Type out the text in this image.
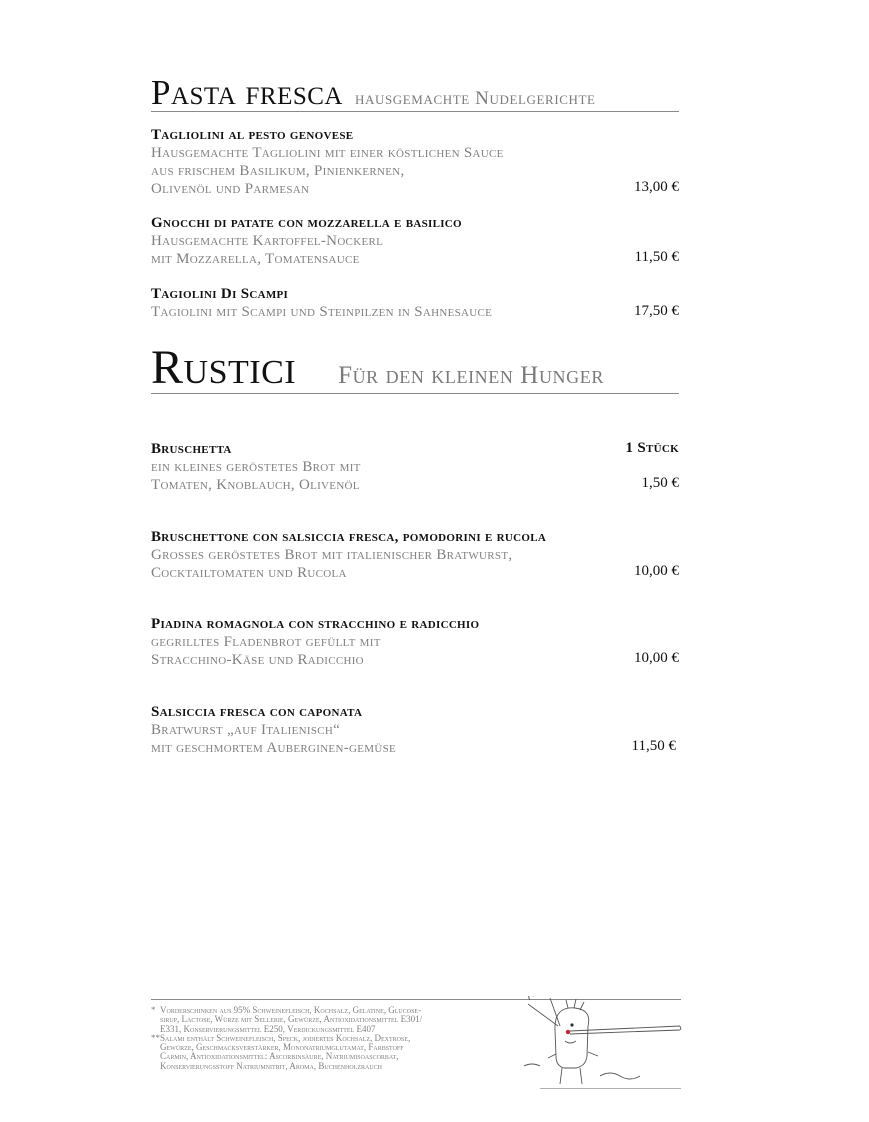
Pasta fresca hausgemachte Nudelgerichte
Tagliolini al pesto genovese
Hausgemachte Tagliolini mit einer köstlichen Sauce
aus frischem Basilikum, Pinienkernen,
Olivenöl und Parmesan	13,00 €
Gnocchi di patate con mozzarella e basilico
Hausgemachte Kartoffel-Nockerl
mit Mozzarella, Tomatensauce	11,50 €
Tagiolini Di Scampi
Tagiolini mit Scampi und Steinpilzen in Sahnesauce	17,50 €
Rustici Für den kleinen Hunger
Bruschetta	1 Stück
ein kleines geröstetes Brot mit
Tomaten, Knoblauch, Olivenöl	1,50 €
Bruschettone con salsiccia fresca, pomodorini e rucola
Grosses geröstetes Brot mit italienischer Bratwurst,
Cocktailtomaten und Rucola	10,00 €
Piadina romagnola con stracchino e radicchio
gegrilltes Fladenbrot gefüllt mit
Stracchino-Käse und Radicchio	10,00 €
Salsiccia fresca con caponata
Bratwurst „auf Italienisch“
mit geschmortem Auberginen-gemüse	11,50 €
* Vorderschinken aus 95% Schweinefleisch, Kochsalz, Gelatine, Glucose-
sirup, Lactose, Würze mit Sellerie, Gewürze, Antioxidationsmittel E301/
E331, Konservierungsmittel E250, Verdickungsmittel E407
** Salami enthält Schweinefleisch, Speck, jodiertes Kochsalz, Dextrose,
Gewürze, Geschmacksverstärker, Mononatriumglutamat, Farbstoff
Carmin, Antioxidationsmittel: Ascorbinsäure, Natriumisoascorbat,
Konservierungsstoff Natriumnitrit, Aroma, Buchenholzrauch
